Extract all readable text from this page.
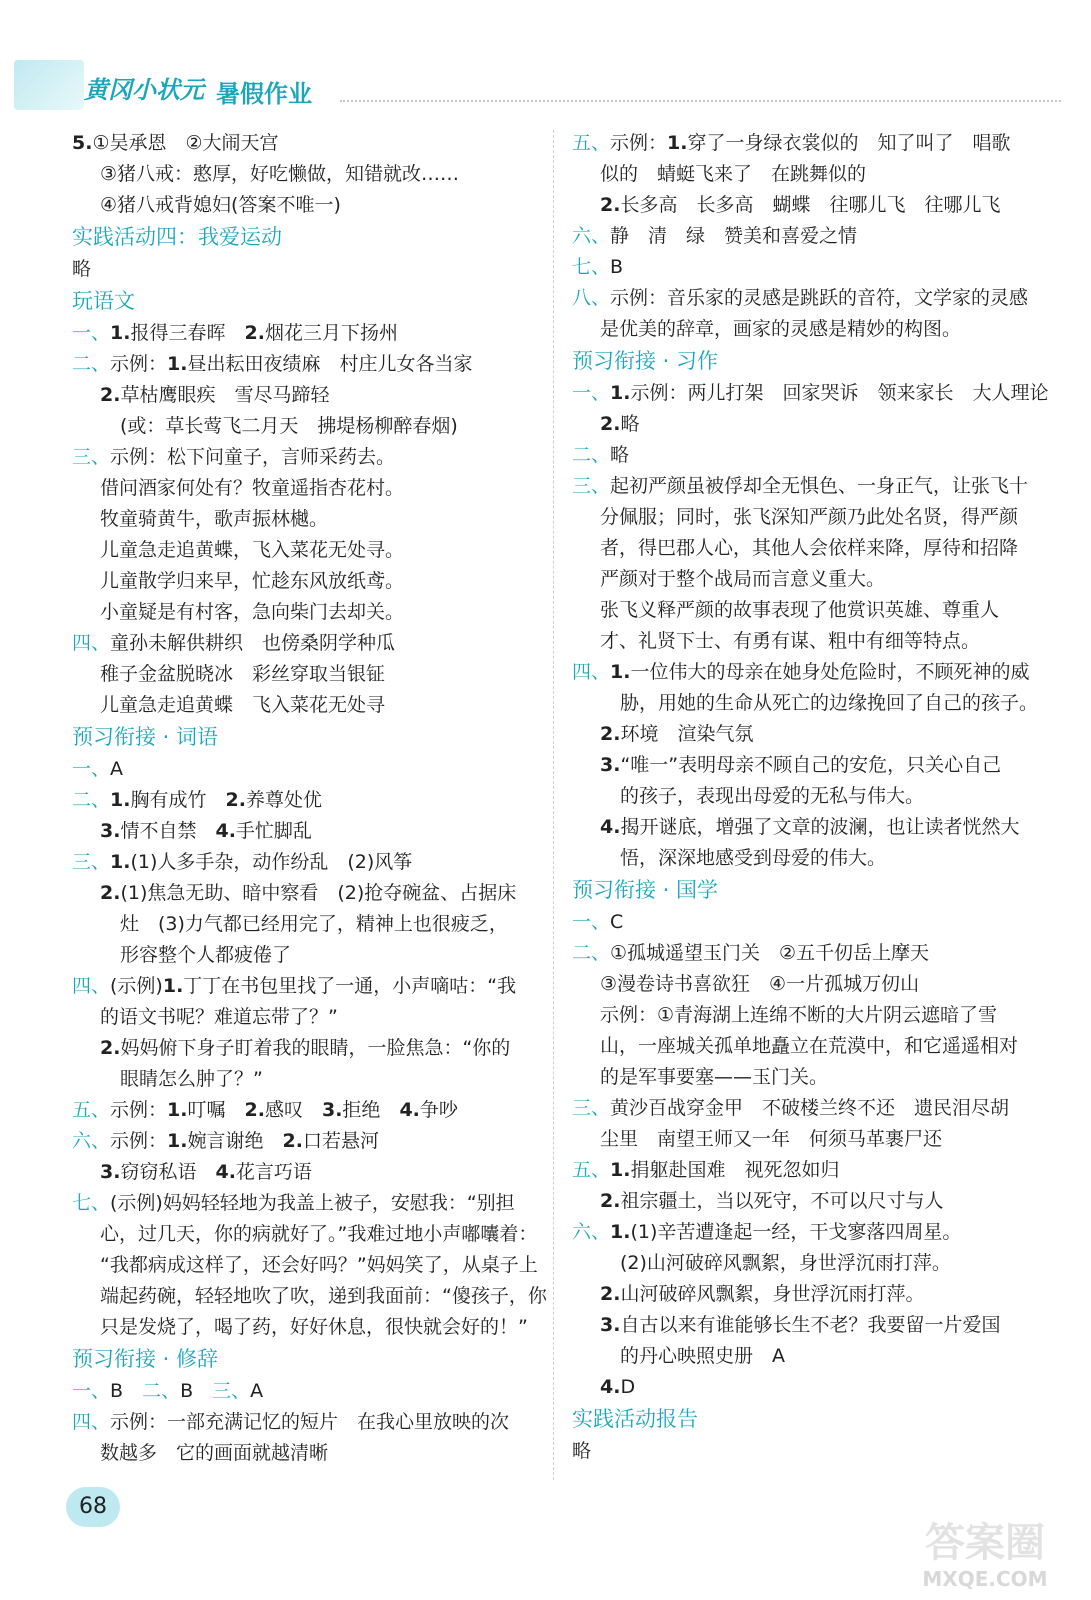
黄冈小状元 暑假作业
5.①吴承恩　②大闹天宫
③猪八戒：憨厚，好吃懒做，知错就改……
④猪八戒背媳妇(答案不唯一)
实践活动四：我爱运动
略
玩语文
一、1.报得三春晖　2.烟花三月下扬州
二、示例：1.昼出耘田夜绩麻　村庄儿女各当家
2.草枯鹰眼疾　雪尽马蹄轻
(或：草长莺飞二月天　拂堤杨柳醉春烟)
三、示例：松下问童子，言师采药去。
借问酒家何处有？牧童遥指杏花村。
牧童骑黄牛，歌声振林樾。
儿童急走追黄蝶，飞入菜花无处寻。
儿童散学归来早，忙趁东风放纸鸢。
小童疑是有村客，急向柴门去却关。
四、童孙未解供耕织　也傍桑阴学种瓜
稚子金盆脱晓冰　彩丝穿取当银钲
儿童急走追黄蝶　飞入菜花无处寻
预习衔接 · 词语
一、A
二、1.胸有成竹　2.养尊处优
3.情不自禁　4.手忙脚乱
三、1.(1)人多手杂，动作纷乱　(2)风筝
2.(1)焦急无助、暗中察看　(2)抢夺碗盆、占据床
灶　(3)力气都已经用完了，精神上也很疲乏，
形容整个人都疲倦了
四、(示例)1.丁丁在书包里找了一通，小声嘀咕：“我
的语文书呢？难道忘带了？”
2.妈妈俯下身子盯着我的眼睛，一脸焦急：“你的
眼睛怎么肿了？”
五、示例：1.叮嘱　2.感叹　3.拒绝　4.争吵
六、示例：1.婉言谢绝　2.口若悬河
3.窃窃私语　4.花言巧语
七、(示例)妈妈轻轻地为我盖上被子，安慰我：“别担
心，过几天，你的病就好了。”我难过地小声嘟囔着：
“我都病成这样了，还会好吗？”妈妈笑了，从桌子上
端起药碗，轻轻地吹了吹，递到我面前：“傻孩子，你
只是发烧了，喝了药，好好休息，很快就会好的！”
预习衔接 · 修辞
一、B　二、B　三、A
四、示例：一部充满记忆的短片　在我心里放映的次
数越多　它的画面就越清晰
五、示例：1.穿了一身绿衣裳似的　知了叫了　唱歌
似的　蜻蜓飞来了　在跳舞似的
2.长多高　长多高　蝴蝶　往哪儿飞　往哪儿飞
六、静　清　绿　赞美和喜爱之情
七、B
八、示例：音乐家的灵感是跳跃的音符，文学家的灵感
是优美的辞章，画家的灵感是精妙的构图。
预习衔接 · 习作
一、1.示例：两儿打架　回家哭诉　领来家长　大人理论
2.略
二、略
三、起初严颜虽被俘却全无惧色、一身正气，让张飞十
分佩服；同时，张飞深知严颜乃此处名贤，得严颜
者，得巴郡人心，其他人会依样来降，厚待和招降
严颜对于整个战局而言意义重大。
张飞义释严颜的故事表现了他赏识英雄、尊重人
才、礼贤下士、有勇有谋、粗中有细等特点。
四、1.一位伟大的母亲在她身处危险时，不顾死神的威
胁，用她的生命从死亡的边缘挽回了自己的孩子。
2.环境　渲染气氛
3.“唯一”表明母亲不顾自己的安危，只关心自己
的孩子，表现出母爱的无私与伟大。
4.揭开谜底，增强了文章的波澜，也让读者恍然大
悟，深深地感受到母爱的伟大。
预习衔接 · 国学
一、C
二、①孤城遥望玉门关　②五千仞岳上摩天
③漫卷诗书喜欲狂　④一片孤城万仞山
示例：①青海湖上连绵不断的大片阴云遮暗了雪
山，一座城关孤单地矗立在荒漠中，和它遥遥相对
的是军事要塞——玉门关。
三、黄沙百战穿金甲　不破楼兰终不还　遗民泪尽胡
尘里　南望王师又一年　何须马革裹尸还
五、1.捐躯赴国难　视死忽如归
2.祖宗疆土，当以死守，不可以尺寸与人
六、1.(1)辛苦遭逢起一经，干戈寥落四周星。
(2)山河破碎风飘絮，身世浮沉雨打萍。
2.山河破碎风飘絮，身世浮沉雨打萍。
3.自古以来有谁能够长生不老？我要留一片爱国
的丹心映照史册　A
4.D
实践活动报告
略
68
答案圈
MXQE.COM
